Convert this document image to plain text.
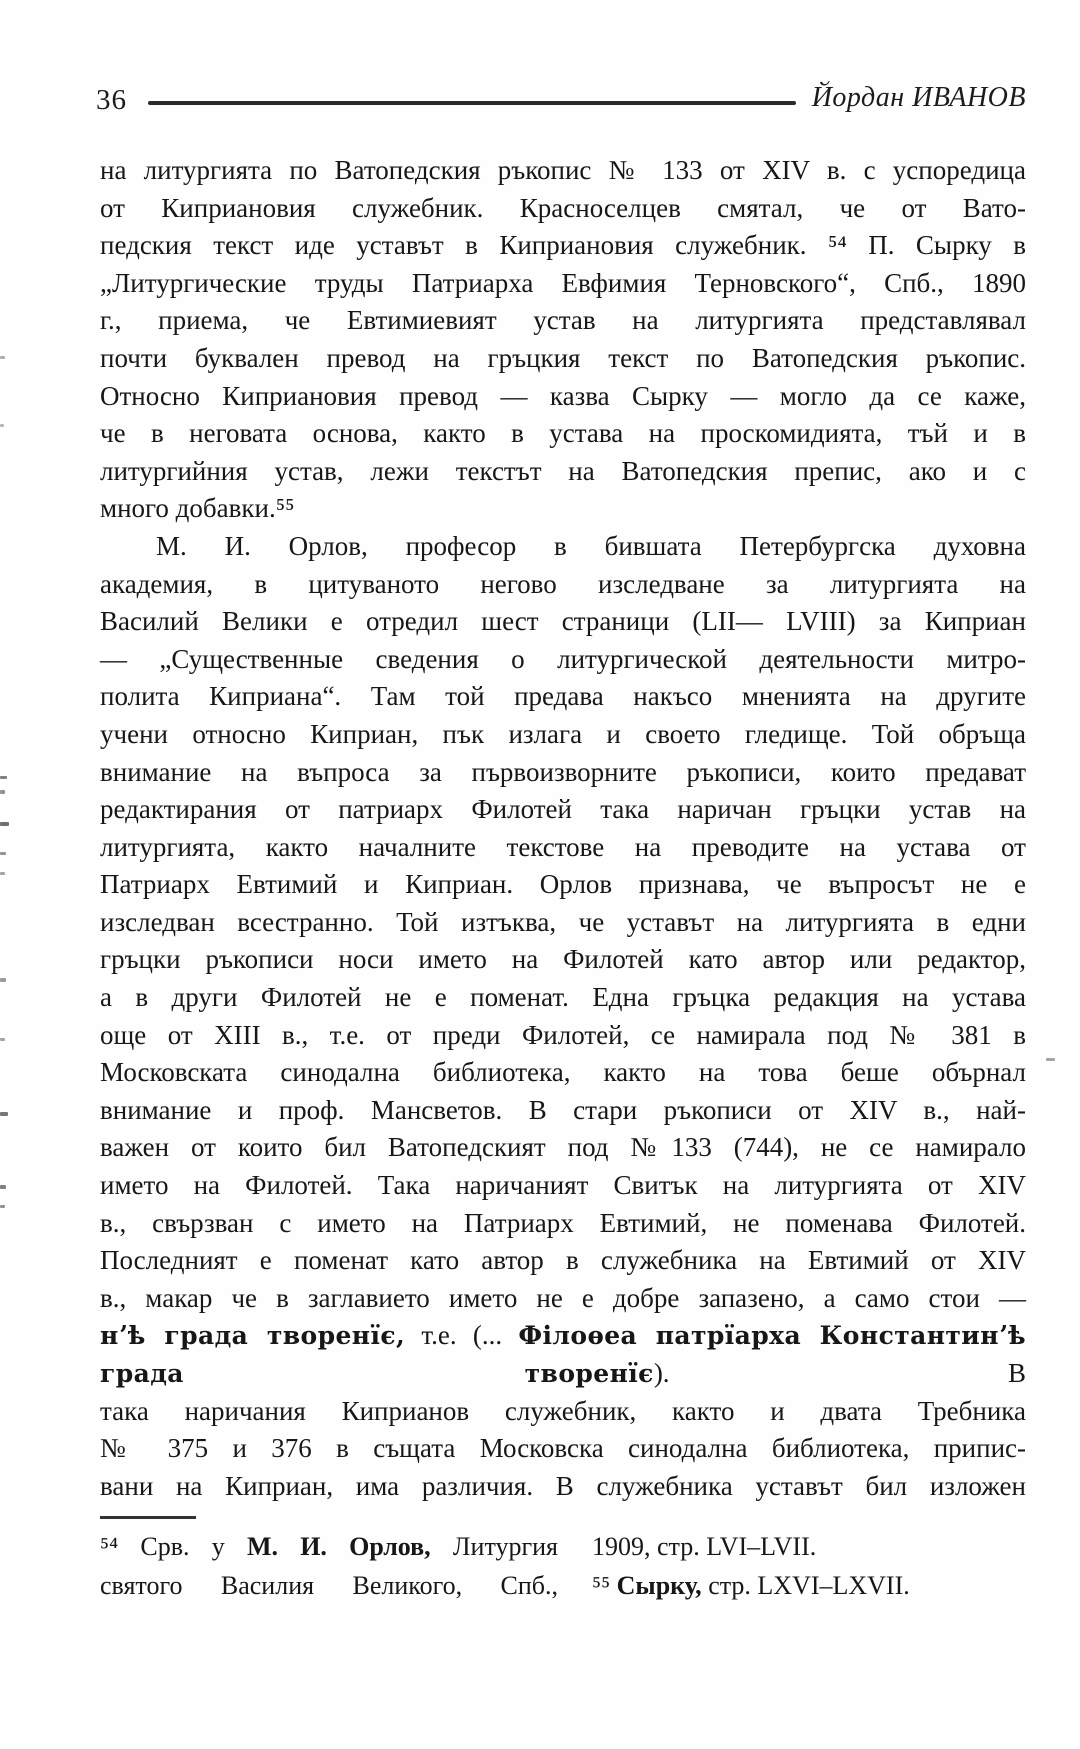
36	Йордан ИВАНОВ
на литургията по Ватопедския ръкопис № 133 от XIV в. с успоредица
от Киприановия служебник. Красноселцев смятал, че от Вато-
педския текст иде уставът в Киприановия служебник. ⁵⁴ П. Сырку в
„Литургические труды Патриарха Евфимия Терновского“, Спб., 1890
г., приема, че Евтимиевият устав на литургията представлявал
почти буквален превод на гръцкия текст по Ватопедския ръкопис.
Относно Киприановия превод — казва Сырку — могло да се каже,
че в неговата основа, както в устава на проскомидията, тъй и в
литургийния устав, лежи текстът на Ватопедския препис, ако и с
много добавки.⁵⁵
М. И. Орлов, професор в бившата Петербургска духовна
академия, в цитуваното негово изследване за литургията на
Василий Велики е отредил шест страници (LII— LVIII) за Киприан
— „Существенные сведения о литургической деятельности митро-
полита Киприана“. Там той предава накъсо мненията на другите
учени относно Киприан, пък излага и своето гледище. Той обръща
внимание на въпроса за първоизворните ръкописи, които предават
редактирания от патриарх Филотей така наричан гръцки устав на
литургията, както началните текстове на преводите на устава от
Патриарх Евтимий и Киприан. Орлов признава, че въпросът не е
изследван всестранно. Той изтъква, че уставът на литургията в едни
гръцки ръкописи носи името на Филотей като автор или редактор,
а в други Филотей не е поменат. Една гръцка редакция на устава
още от XIII в., т.е. от преди Филотей, се намирала под № 381 в
Московската синодална библиотека, както на това беше обърнал
внимание и проф. Мансветов. В стари ръкописи от XIV в., най-
важен от които бил Ватопедският под №133 (744), не се намирало
името на Филотей. Така наричаният Свитък на литургията от XIV
в., свързван с името на Патриарх Евтимий, не поменава Филотей.
Последният е поменат като автор в служебника на Евтимий от XIV
в., макар че в заглавието името не е добре запазено, а само стои —
нʼѣ града творенїє, т.е. (... Філоѳеа патрїарха Константинʼѣ града творенїє). В
така наричания Киприанов служебник, както и двата Требника
№ 375 и 376 в същата Московска синодална библиотека, припис-
вани на Киприан, има различия. В служебника уставът бил изложен
⁵⁴ Срв. у М. И. Орлов, Литургия 1909, стр. LVI–LVII.
святого Василия Великого, Спб., ⁵⁵ Сырку, стр. LXVI–LXVII.
